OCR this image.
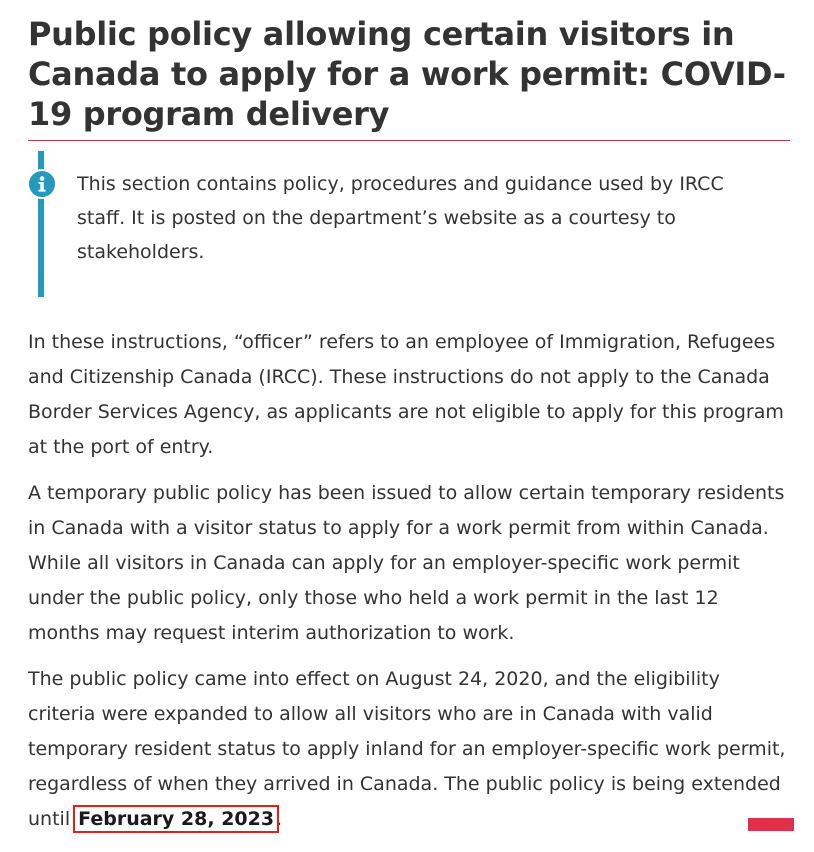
Public policy allowing certain visitors in Canada to apply for a work permit: COVID-19 program delivery

This section contains policy, procedures and guidance used by IRCC staff. It is posted on the department’s website as a courtesy to stakeholders.

In these instructions, “officer” refers to an employee of Immigration, Refugees and Citizenship Canada (IRCC). These instructions do not apply to the Canada Border Services Agency, as applicants are not eligible to apply for this program at the port of entry.

A temporary public policy has been issued to allow certain temporary residents in Canada with a visitor status to apply for a work permit from within Canada. While all visitors in Canada can apply for an employer-specific work permit under the public policy, only those who held a work permit in the last 12 months may request interim authorization to work.

The public policy came into effect on August 24, 2020, and the eligibility criteria were expanded to allow all visitors who are in Canada with valid temporary resident status to apply inland for an employer-specific work permit, regardless of when they arrived in Canada. The public policy is being extended until February 28, 2023 .
